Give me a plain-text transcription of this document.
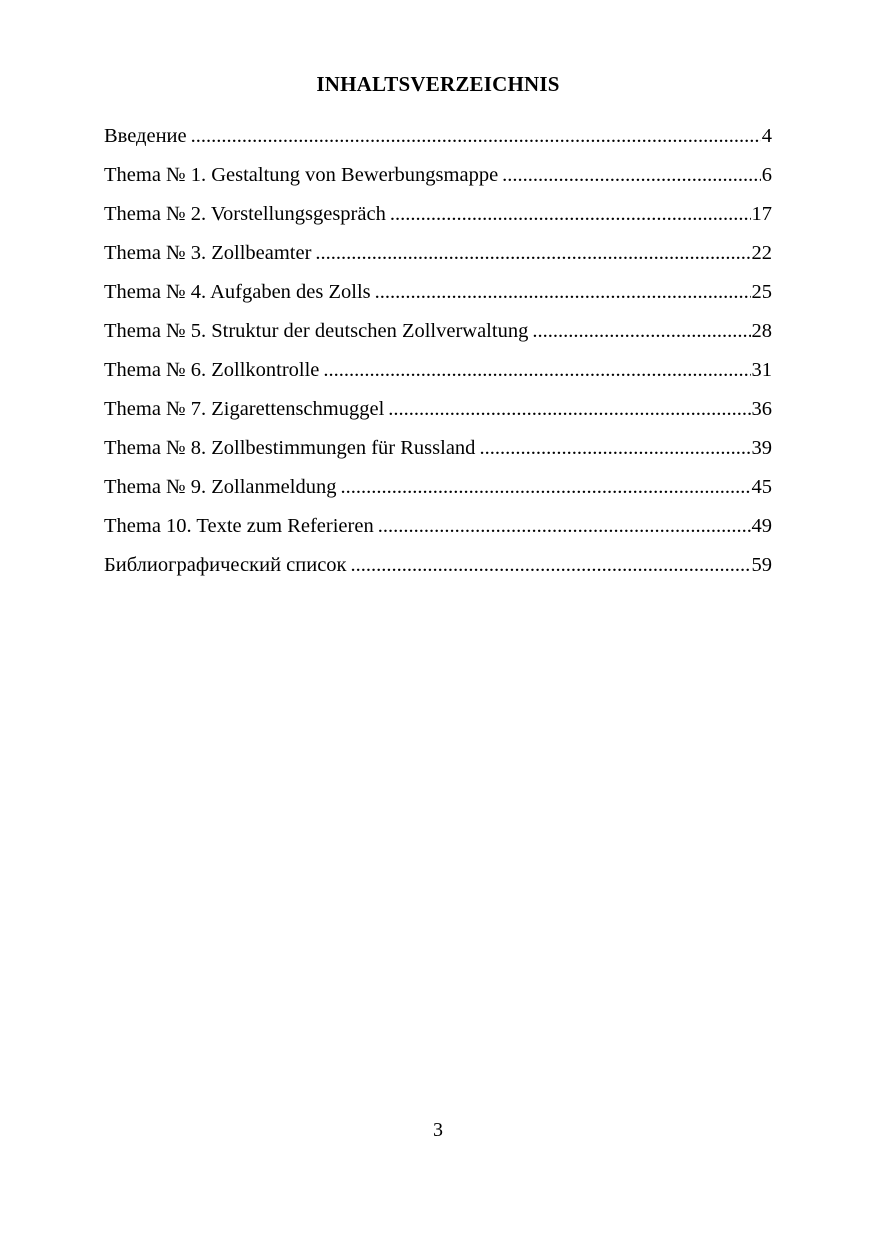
INHALTSVERZEICHNIS
Введение .....	4
Thema № 1. Gestaltung von Bewerbungsmappe .....	6
Thema № 2. Vorstellungsgespräch .....	17
Thema № 3. Zollbeamter .....	22
Thema № 4. Aufgaben des Zolls .....	25
Thema № 5. Struktur der deutschen Zollverwaltung .....	28
Thema № 6. Zollkontrolle .....	31
Thema № 7. Zigarettenschmuggel .....	36
Thema № 8. Zollbestimmungen für Russland .....	39
Thema № 9. Zollanmeldung .....	45
Thema 10. Texte zum Referieren .....	49
Библиографический список .....	59
3
